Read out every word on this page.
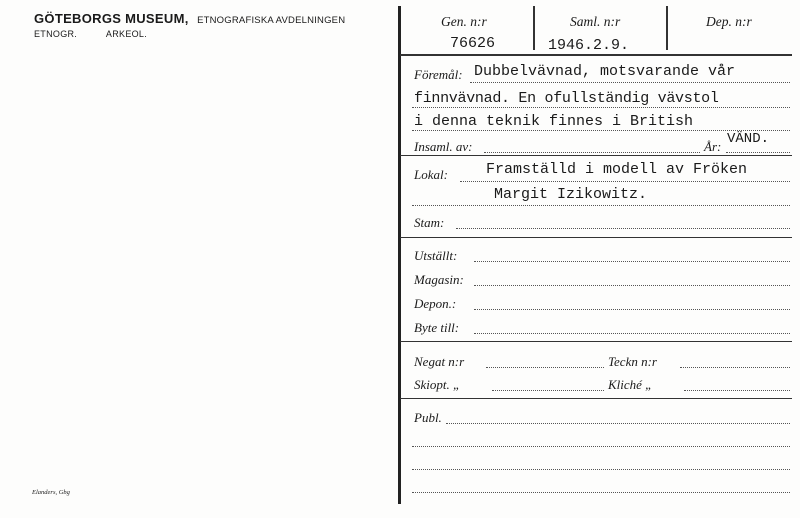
GÖTEBORGS MUSEUM, ETNOGRAFISKA AVDELNINGEN
ETNOGR.	ARKEOL.
Elanders, Gbg
Gen. n:r	Saml. n:r	Dep. n:r
76626	1946.2.9.
Föremål: Dubbelvävnad, motsvarande vår
finnvävnad. En ofullständig vävstol
i denna teknik finnes i British
Insaml. av:	År: VÄND.
Lokal:	Framställd i modell av Fröken
Margit Izikowitz.
Stam:
Utställt:
Magasin:
Depon.:
Byte till:
Negat n:r	Teckn n:r
Skiopt. „	Kliché „
Publ.
